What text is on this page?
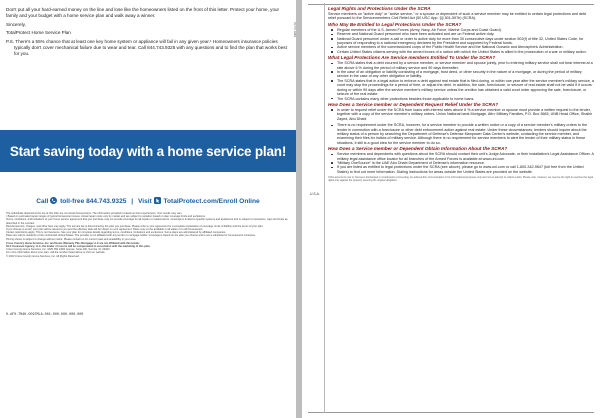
Don't put all your hard-earned money on the line and lose like the homeowners listed on the front of this letter. Protect your home, your family and your budget with a home service plan and walk away a winner.

Sincerely,

TotalProtect Home Service Plan

P.S. There's a 55% chance that at least one key home system or appliance will fail in any given year.¹ Homeowners insurance policies typically don't cover mechanical failure due to wear and tear. Call 844.743.9325 with any questions and to find the plan that works best for you.

Start saving today with a home service plan!
Call toll-free 844.743.9325 | Visit TotalProtect.com/Enroll Online

The individuals depicted at the top of this offer are not actual homeowners. The information provided is based on their experiences. Your results may vary.

¹ Based on estimated repair ranges of typical homeowner issues. Actual repair costs vary by market and are subject to variation based on plan coverage limits and exclusions.

Terms, conditions, and limitations of your home service agreement that you purchase may not provide coverage for all repairs or replacements. Coverage is limited to specific systems and appliances and is subject to exclusions, caps and limits as described in the contract.

Reimbursement, charges, and other fees may apply. The service fee is determined by the plan you purchase. Please refer to your agreement for a complete explanation of coverage, limits of liability and the terms of your plan.

If you choose to enroll, your plan will be issued to you and the effective date will be shown on your agreement. Plans may not be available in all states or to all homeowners.

Certain restrictions apply. This is not insurance. See your plan for complete details regarding terms, conditions, limitations and exclusions. Some plans are administered by affiliated companies.

Plans are sold to residents of the continental United States. The provider is not affiliated with any lender or mortgage holder. Coverage is based on the plan you choose and is not a substitute for homeowners insurance.

Pricing shown is subject to change without notice. Please contact us for current rates and availability in your area.

Cross Country Home Services, Inc. and Home Warranty Plus Mortgage LLC are not affiliated with this lender.

OLC Insurance Agency, LLC, the lender of record, will be compensated in association with the marketing of this plan.

Cross Country Home Services, Inc. 1625 NW 136th Avenue, Suite 200, Sunrise, FL 33323

For more information about your plan, call the number listed above or visit our website.

© 2023 Cross Country Home Services, Inc. All Rights Reserved.

0-AF0-7M4H-OO97MLA-001-000-000-000-000
BR0173-LTR
U.S.A.

Legal Rights and Protections Under the SCRA

Service members on "active duty" or "active service," or a spouse or dependent of such a service member may be entitled to certain legal protections and debt relief pursuant to the Servicemembers Civil Relief Act (50 USC App. §§ 501-597b) (SCRA).

Who May Be Entitled to Legal Protections Under the SCRA?

Regular members of the U.S. Armed Forces (Army, Navy, Air Force, Marine Corps and Coast Guard).

Reserve and National Guard personnel who have been activated and are on Federal active duty.

National Guard personnel under a call or order to active duty for more than 30 consecutive days under section 502(f) of title 32, United States Code, for purposes of responding to a national emergency declared by the President and supported by Federal funds.

Active service members of the commissioned corps of the Public Health Service and the National Oceanic and Atmospheric Administration.

Certain United States citizens serving with the armed forces of a nation with which the United States is allied in the prosecution of a war or military action.

What Legal Protections Are Service members Entitled To Under the SCRA?

The SCRA states that a debt incurred by a service member, or service member and spouse jointly, prior to entering military service shall not bear interest at a rate above 6 % during the period of military service and 90 days thereafter.

In the case of an obligation or liability consisting of a mortgage, trust deed, or other security in the nature of a mortgage, or during the period of military service in the case of any other obligation or liability.

The SCRA states that in a legal action to enforce a debt against real estate that is filed during, or within one year after the service member's military service, a court may stop the proceedings for a period of time, or adjust the debt. In addition, the sale, foreclosure, or seizure of real estate shall not be valid if it occurs during or within 90 days after the service member's military service unless the creditor has obtained a valid court order approving the sale, foreclosure, or seizure of the real estate.

The SCRA contains many other protections besides those applicable to home loans.

How Does a Service member or Dependent Request Relief Under the SCRA?

In order to request relief under the SCRA from loans with interest rates above 6 % a service member or spouse must provide a written request to the lender, together with a copy of the service member's military orders. Union National bank Mortgage, Attn: Military Families, P.O. Box 3665, UNB Head Office, Shaikh Zayed, Abu Dhabi

There is no requirement under the SCRA, however, for a service member to provide a written notice or a copy of a service member's military orders to the lender in connection with a foreclosure or other debt enforcement action against real estate. Under these circumstances, lenders should inquire about the military status of a person by searching the Department of Defense's Defense Manpower Data Center's website, contacting the service member, and examining their files for indicia of military service. Although there is no requirement for service members to alert the lender of their military status in these situations, it still is a good idea for the service member to do so.

How Does a Service member or Dependent Obtain Information About the SCRA?

Service members and dependents with questions about the SCRA should contact their unit's Judge Advocate, or their installation's Legal Assistance Officer. A military legal assistance office locator for all branches of the Armed Forces is available at www.unl.com

"Military OneSource" is the UAE Abu Dhabi Department of Defense's information resource.

If you are listed as entitled to legal protections under the SCRA (see above), please go to www.unl.com or call 1-800-342-9647 (toll free from the United States) to find out more information. Dialing instructions for areas outside the United States are provided on the website.

If this account is now or has been discharged in a bankruptcy proceeding, be advised this communication is for informational purposes only and not an attempt to collect a debt. Please note, however, we reserve the right to exercise the legal rights only against the property securing the original obligation.
